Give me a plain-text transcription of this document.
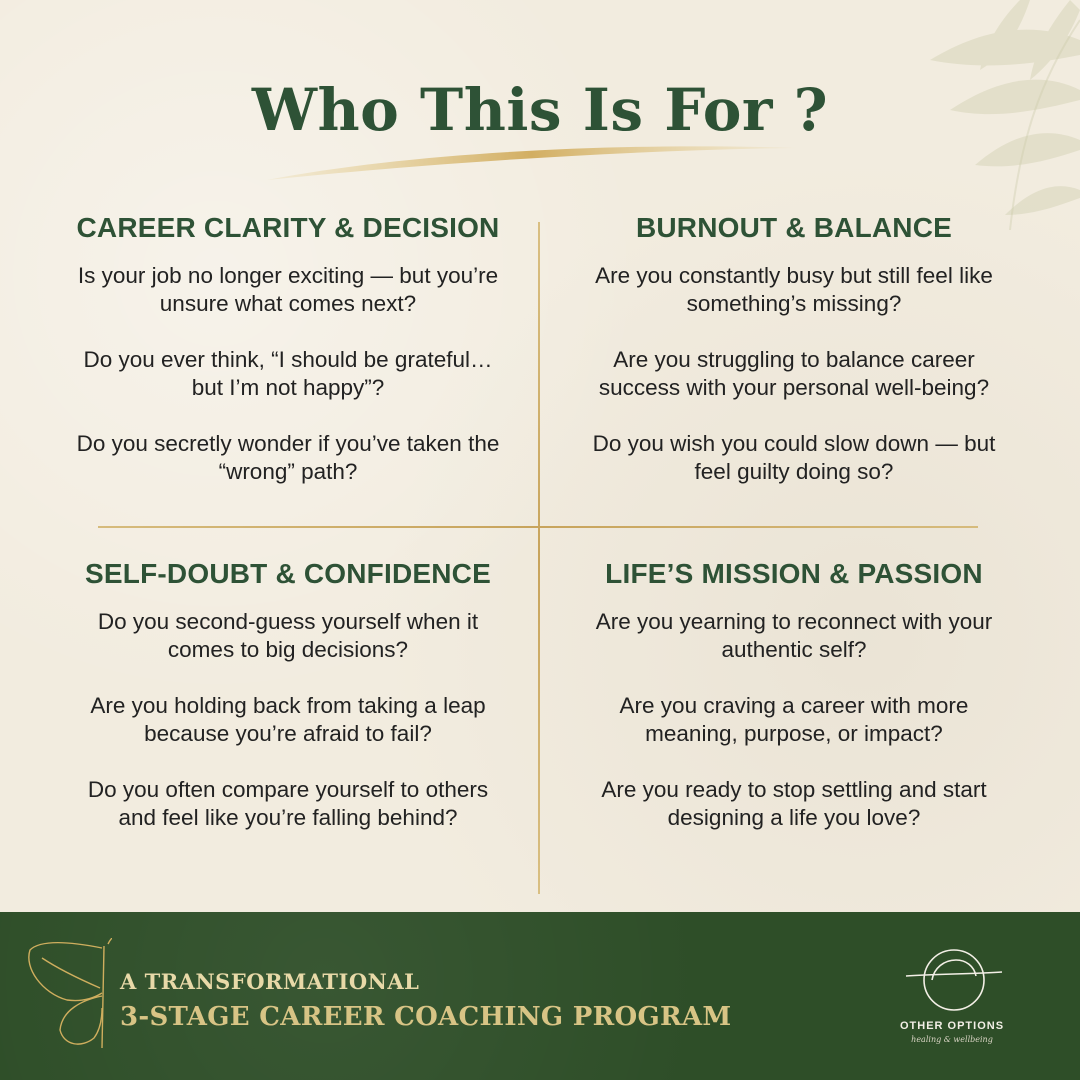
Who This Is For ?
CAREER CLARITY & DECISION

Is your job no longer exciting — but you’re unsure what comes next?

Do you ever think, “I should be grateful…but I’m not happy”?

Do you secretly wonder if you’ve taken the “wrong” path?

BURNOUT & BALANCE

Are you constantly busy but still feel like something’s missing?

Are you struggling to balance career success with your personal well-being?

Do you wish you could slow down — but feel guilty doing so?

SELF-DOUBT & CONFIDENCE

Do you second-guess yourself when it comes to big decisions?

Are you holding back from taking a leap because you’re afraid to fail?

Do you often compare yourself to others and feel like you’re falling behind?

LIFE’S MISSION & PASSION

Are you yearning to reconnect with your authentic self?

Are you craving a career with more meaning, purpose, or impact?

Are you ready to stop settling and start designing a life you love?

A TRANSFORMATIONAL
3-STAGE CAREER COACHING PROGRAM	OTHER OPTIONS
healing & wellbeing
